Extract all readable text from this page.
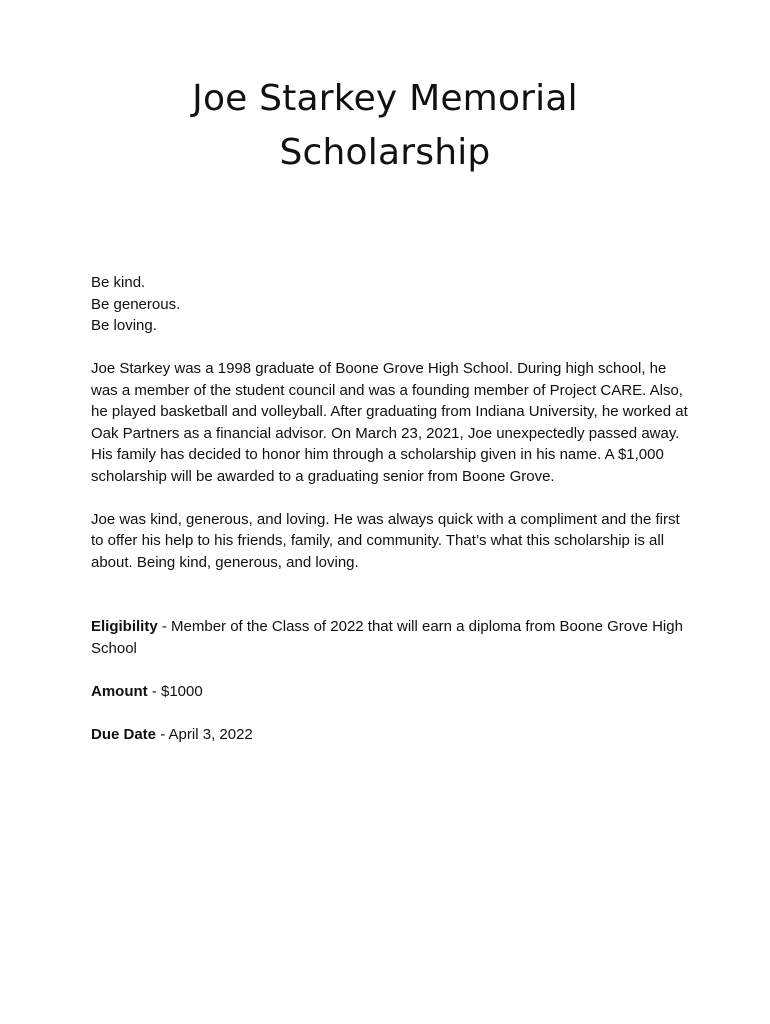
Joe Starkey Memorial
Scholarship

Be kind.

Be generous.

Be loving.

Joe Starkey was a 1998 graduate of Boone Grove High School. During high school, he was a member of the student council and was a founding member of Project CARE. Also, he played basketball and volleyball. After graduating from Indiana University, he worked at Oak Partners as a financial advisor. On March 23, 2021, Joe unexpectedly passed away. His family has decided to honor him through a scholarship given in his name. A $1,000 scholarship will be awarded to a graduating senior from Boone Grove.

Joe was kind, generous, and loving. He was always quick with a compliment and the first to offer his help to his friends, family, and community. That’s what this scholarship is all about. Being kind, generous, and loving.

Eligibility - Member of the Class of 2022 that will earn a diploma from Boone Grove High School

Amount - $1000

Due Date - April 3, 2022
